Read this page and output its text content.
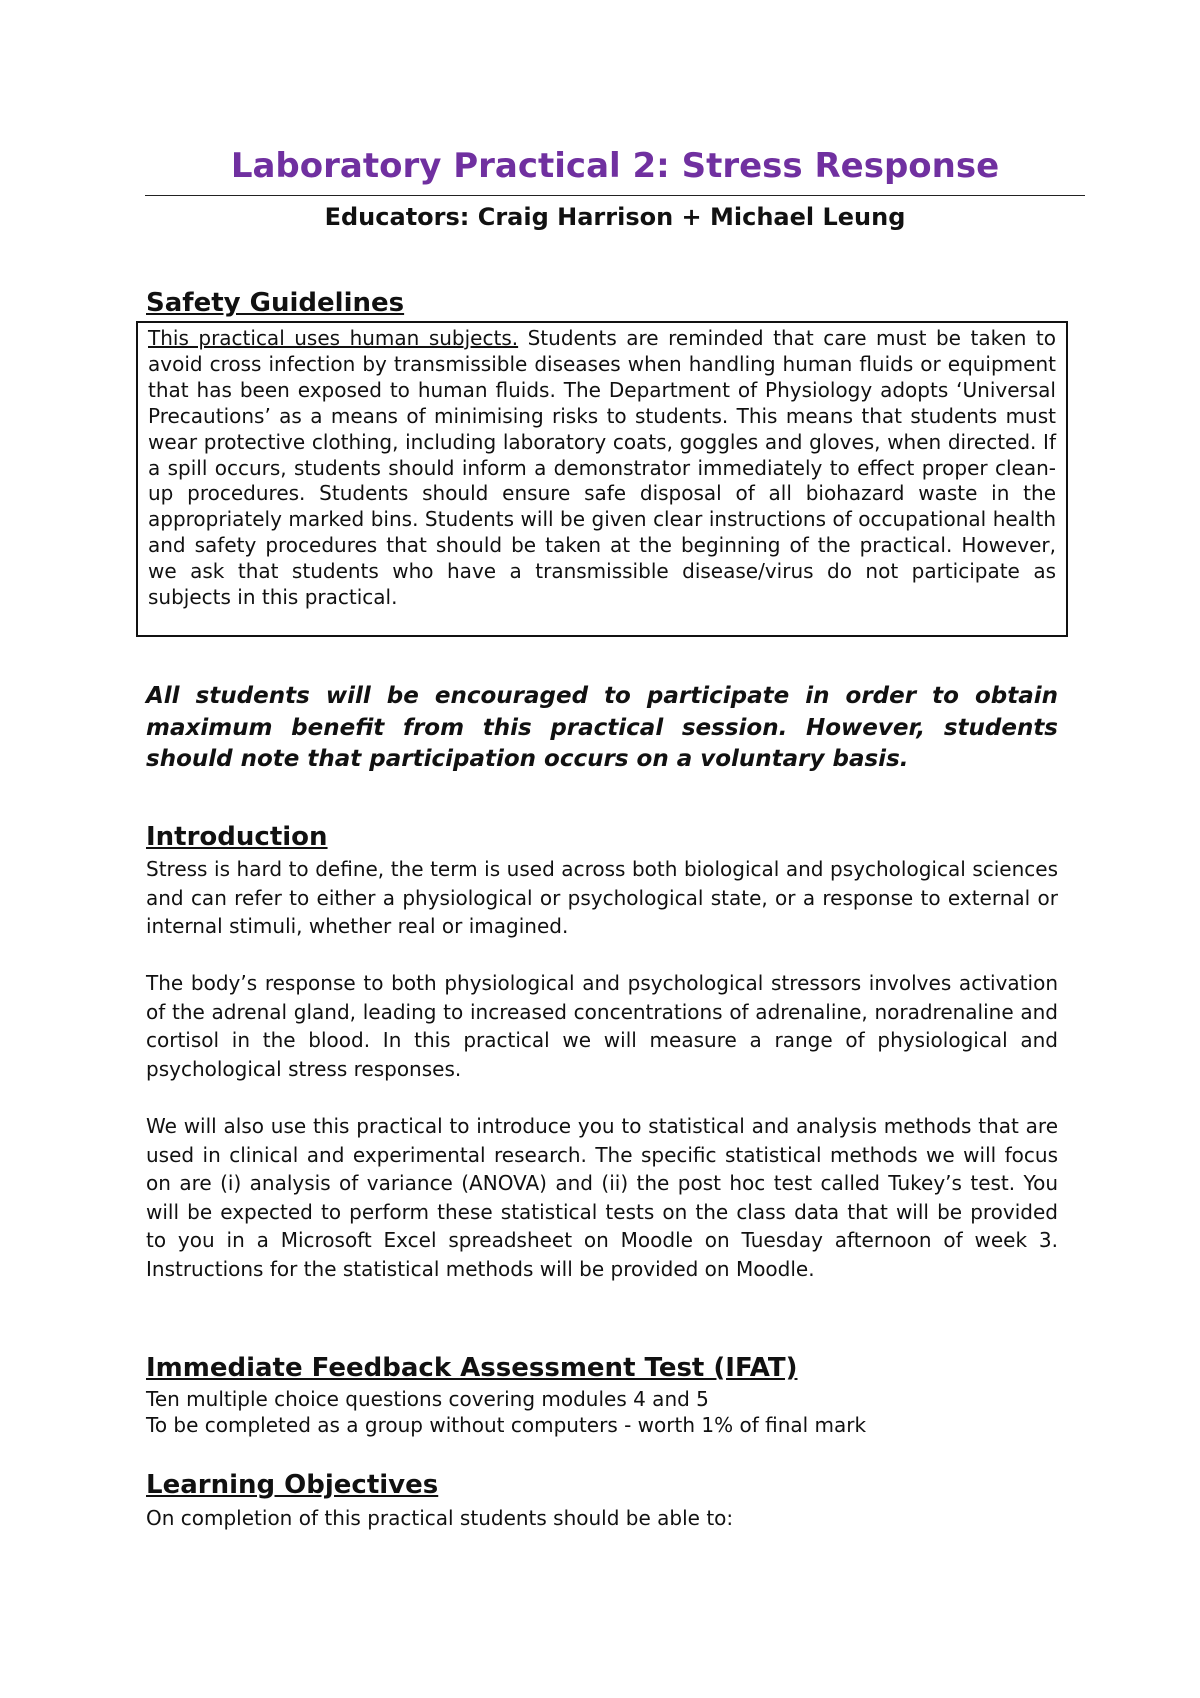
Laboratory Practical 2: Stress Response

Educators: Craig Harrison + Michael Leung

Safety Guidelines

This practical uses human subjects. Students are reminded that care must be taken to avoid cross infection by transmissible diseases when handling human fluids or equipment that has been exposed to human fluids. The Department of Physiology adopts ‘Universal Precautions’ as a means of minimising risks to students. This means that students must wear protective clothing, including laboratory coats, goggles and gloves, when directed. If a spill occurs, students should inform a demonstrator immediately to effect proper clean-up procedures. Students should ensure safe disposal of all biohazard waste in the appropriately marked bins. Students will be given clear instructions of occupational health and safety procedures that should be taken at the beginning of the practical. However, we ask that students who have a transmissible disease/virus do not participate as subjects in this practical.

All students will be encouraged to participate in order to obtain maximum benefit from this practical session. However, students should note that participation occurs on a voluntary basis.

Introduction

Stress is hard to define, the term is used across both biological and psychological sciences and can refer to either a physiological or psychological state, or a response to external or internal stimuli, whether real or imagined.

The body’s response to both physiological and psychological stressors involves activation of the adrenal gland, leading to increased concentrations of adrenaline, noradrenaline and cortisol in the blood. In this practical we will measure a range of physiological and psychological stress responses.

We will also use this practical to introduce you to statistical and analysis methods that are used in clinical and experimental research. The specific statistical methods we will focus on are (i) analysis of variance (ANOVA) and (ii) the post hoc test called Tukey’s test. You will be expected to perform these statistical tests on the class data that will be provided to you in a Microsoft Excel spreadsheet on Moodle on Tuesday afternoon of week 3. Instructions for the statistical methods will be provided on Moodle.

Immediate Feedback Assessment Test (IFAT)

Ten multiple choice questions covering modules 4 and 5

To be completed as a group without computers - worth 1% of final mark

Learning Objectives

On completion of this practical students should be able to:
